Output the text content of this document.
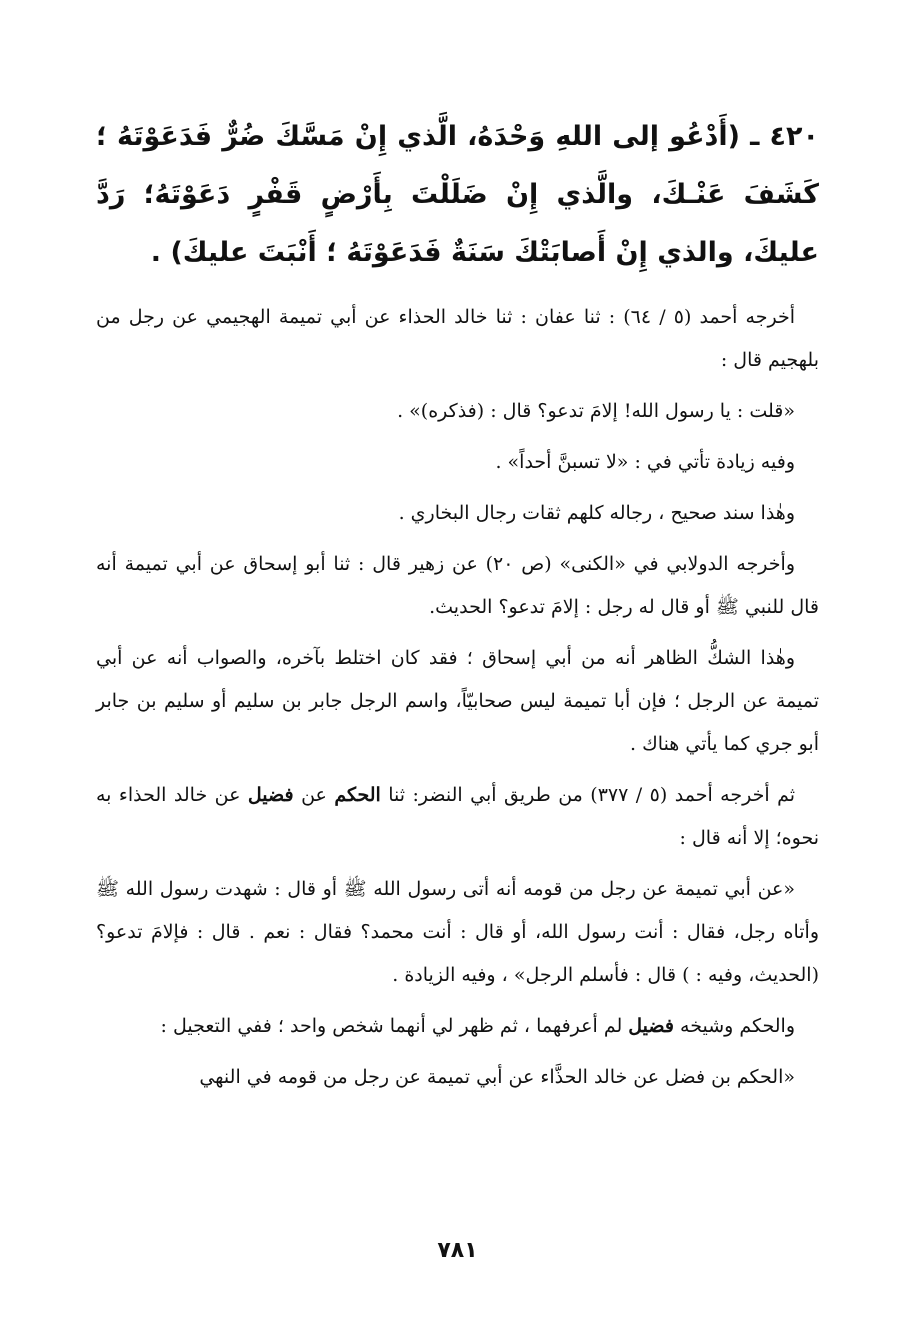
٤٢٠ ـ (أَدْعُو إلى اللهِ وَحْدَهُ، الَّذي إِنْ مَسَّكَ ضُرٌّ فَدَعَوْتَهُ ؛ كَشَفَ عَنْـكَ، والَّذي إِنْ ضَلَلْتَ بِأَرْضٍ قَفْرٍ دَعَوْتَهُ؛ رَدَّ عليكَ، والذي إِنْ أَصابَتْكَ سَنَةٌ فَدَعَوْتَهُ ؛ أَنْبَتَ عليكَ) .

أخرجه أحمد (٥ / ٦٤) : ثنا عفان : ثنا خالد الحذاء عن أبي تميمة الهجيمي عن رجل من بلهجيم قال :

«قلت : يا رسول الله! إلامَ تدعو؟ قال : (فذكره)» .

وفيه زيادة تأتي في : «لا تسبنَّ أحداً» .

وهٰذا سند صحيح ، رجاله كلهم ثقات رجال البخاري .

وأخرجه الدولابي في «الكنى» (ص ٢٠) عن زهير قال : ثنا أبو إسحاق عن أبي تميمة أنه قال للنبي ﷺ أو قال له رجل : إلامَ تدعو؟ الحديث.

وهٰذا الشكُّ الظاهر أنه من أبي إسحاق ؛ فقد كان اختلط بآخره، والصواب أنه عن أبي تميمة عن الرجل ؛ فإن أبا تميمة ليس صحابيّاً، واسم الرجل جابر بن سليم أو سليم بن جابر أبو جري كما يأتي هناك .

ثم أخرجه أحمد (٥ / ٣٧٧) من طريق أبي النضر: ثنا الحكم عن فضيل عن خالد الحذاء به نحوه؛ إلا أنه قال :

«عن أبي تميمة عن رجل من قومه أنه أتى رسول الله ﷺ أو قال : شهدت رسول الله ﷺ وأتاه رجل، فقال : أنت رسول الله، أو قال : أنت محمد؟ فقال : نعم . قال : فإلامَ تدعو؟ (الحديث، وفيه : ) قال : فأسلم الرجل» ، وفيه الزيادة .

والحكم وشيخه فضيل لم أعرفهما ، ثم ظهر لي أنهما شخص واحد ؛ ففي التعجيل :

«الحكم بن فضل عن خالد الحذَّاء عن أبي تميمة عن رجل من قومه في النهي

٧٨١
